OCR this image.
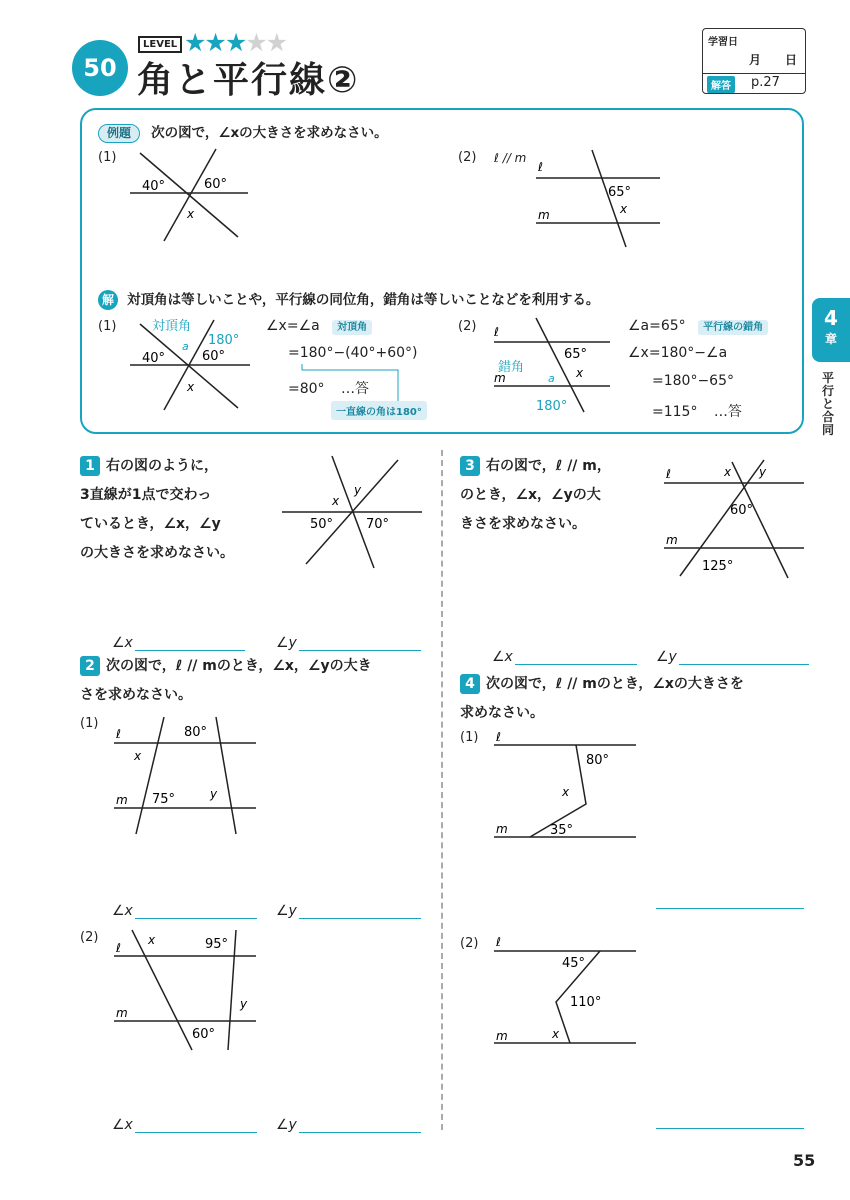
50
LEVEL ★★★★★
角と平行線②
学習日
月　　日
解答	p.27
例題 次の図で，∠xの大きさを求めなさい。
(1)	(2) ℓ // m
40°	60°
x
ℓ
m
65°
x
解 対頂角は等しいことや，平行線の同位角，錯角は等しいことなどを利用する。
(1)	対頂角
a 180°
40°	60°
x
∠x=∠a 対頂角
=180°−(40°+60°)
=80° …答
一直線の角は180°
(2) ℓ
m
錯角
a
65°
x
180°
∠a=65° 平行線の錯角
∠x=180°−∠a
=180°−65°
=115° …答
1 右の図のように，
3直線が1点で交わっ
ているとき，∠x，∠y
の大きさを求めなさい。
x
y
50°	70°
∠x	∠y
2 次の図で，ℓ // mのとき，∠x，∠yの大き
さを求めなさい。
(1)
ℓ
m
80°
x
75°	y
∠x	∠y
(2)
ℓ
m
x	95°
y
60°
∠x	∠y
3 右の図で，ℓ // m，
のとき，∠x，∠yの大
きさを求めなさい。
ℓ
m
x y
60°
125°
∠x	∠y
4 次の図で，ℓ // mのとき，∠xの大きさを
求めなさい。
(1) ℓ
m
80°
x
35°
(2) ℓ
m
45°
110°
x
4
章
平行と合同
55
